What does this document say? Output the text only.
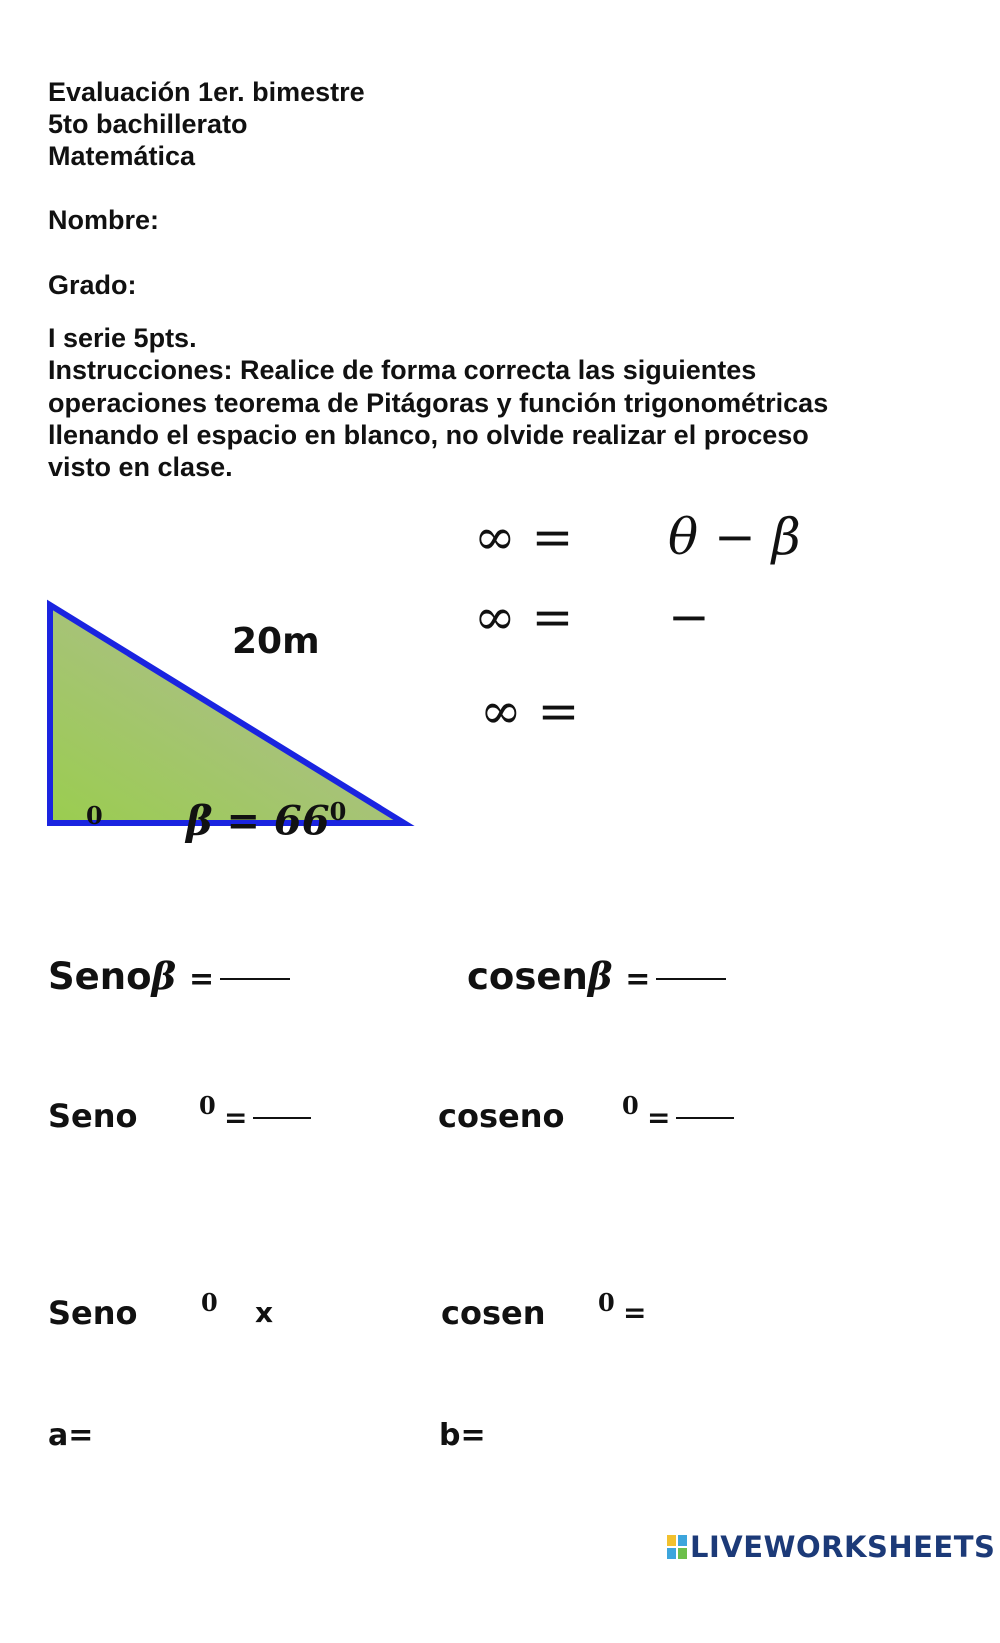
Evaluación 1er. bimestre
5to bachillerato
Matemática
Nombre:
Grado:
I serie 5pts.
Instrucciones: Realice de forma correcta las siguientes
operaciones teorema de Pitágoras y función trigonométricas
llenando el espacio en blanco, no olvide realizar el proceso
visto en clase.
∞ = θ − β
∞ = −
∞ =
20m
0 $\beta = 66^0$
Senoβ =	cosenβ =
Seno	0 =	coseno 0 =
Seno	0 x	cosen 0 =
a=	b=
LIVEWORKSHEETS
